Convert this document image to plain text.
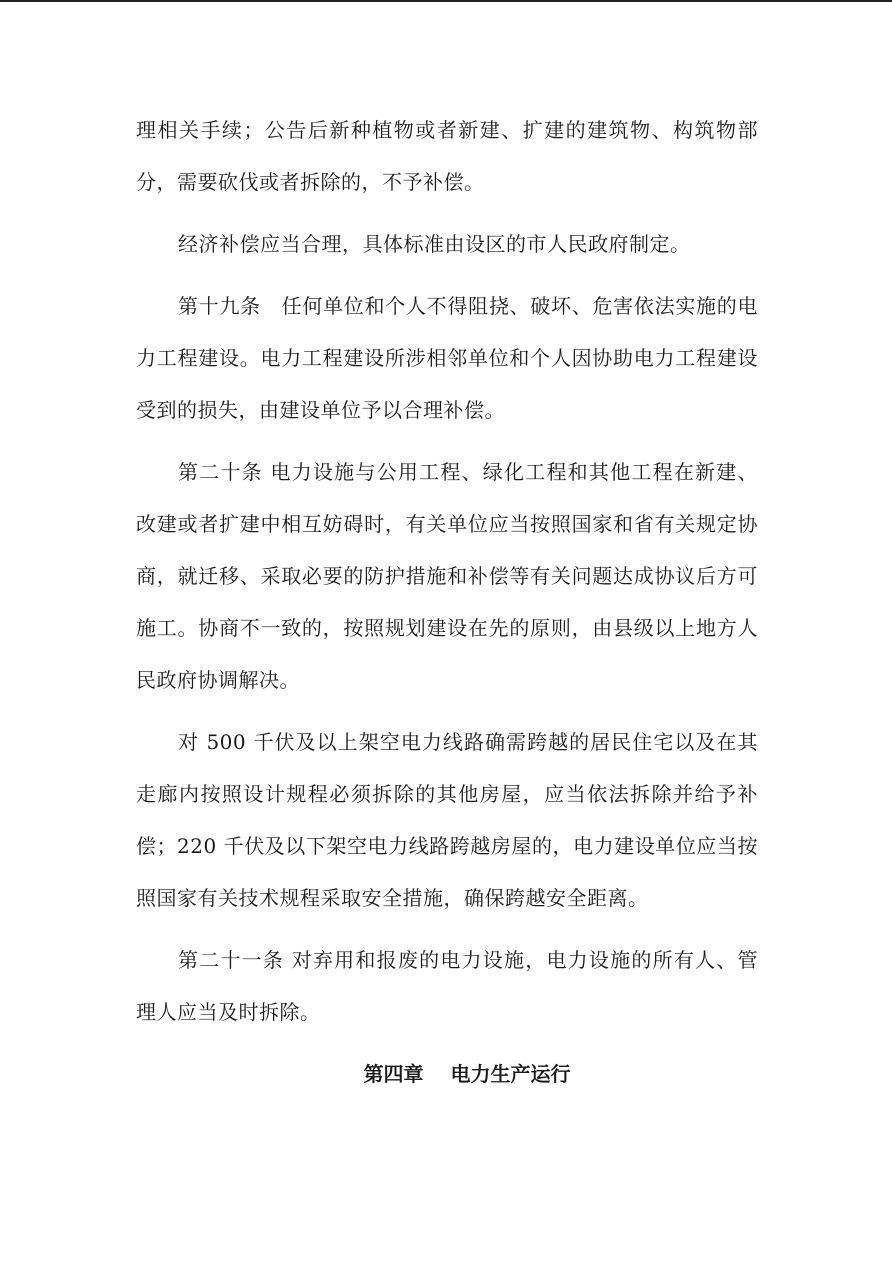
理相关手续；公告后新种植物或者新建、扩建的建筑物、构筑物部分，需要砍伐或者拆除的，不予补偿。

经济补偿应当合理，具体标准由设区的市人民政府制定。

第十九条　任何单位和个人不得阻挠、破坏、危害依法实施的电力工程建设。电力工程建设所涉相邻单位和个人因协助电力工程建设受到的损失，由建设单位予以合理补偿。

第二十条 电力设施与公用工程、绿化工程和其他工程在新建、改建或者扩建中相互妨碍时，有关单位应当按照国家和省有关规定协商，就迁移、采取必要的防护措施和补偿等有关问题达成协议后方可施工。协商不一致的，按照规划建设在先的原则，由县级以上地方人民政府协调解决。

对 500 千伏及以上架空电力线路确需跨越的居民住宅以及在其走廊内按照设计规程必须拆除的其他房屋，应当依法拆除并给予补偿；220 千伏及以下架空电力线路跨越房屋的，电力建设单位应当按照国家有关技术规程采取安全措施，确保跨越安全距离。

第二十一条 对弃用和报废的电力设施，电力设施的所有人、管理人应当及时拆除。

第四章　 电力生产运行
